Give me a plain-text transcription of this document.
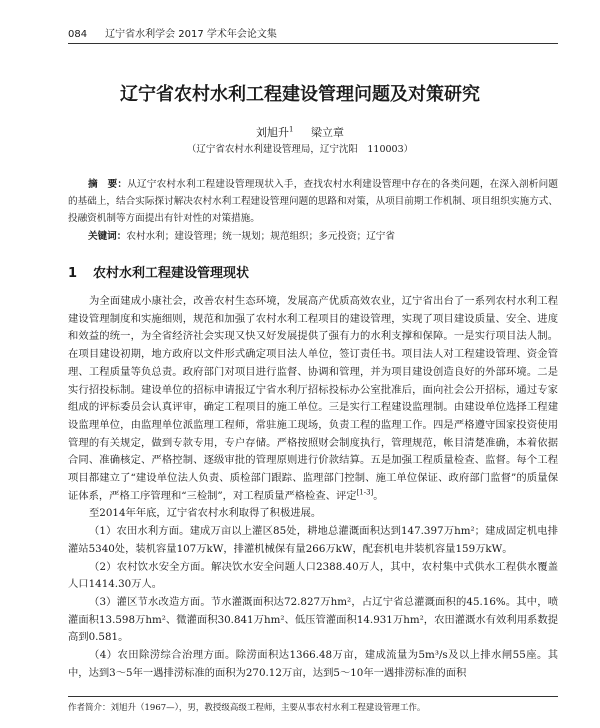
084 辽宁省水利学会 2017 学术年会论文集
辽宁省农村水利工程建设管理问题及对策研究
刘旭升$^1$ 梁立章
（辽宁省农村水利建设管理局，辽宁沈阳　110003）
摘　要：从辽宁农村水利工程建设管理现状入手，查找农村水利建设管理中存在的各类问题，在深入剖析问题的基础上，结合实际探讨解决农村水利工程建设管理问题的思路和对策，从项目前期工作机制、项目组织实施方式、投融资机制等方面提出有针对性的对策措施。
关键词：农村水利；建设管理；统一规划；规范组织；多元投资；辽宁省
1 农村水利工程建设管理现状

为全面建成小康社会，改善农村生态环境，发展高产优质高效农业，辽宁省出台了一系列农村水利工程建设管理制度和实施细则，规范和加强了农村水利工程项目的建设管理，实现了项目建设质量、安全、进度和效益的统一，为全省经济社会实现又快又好发展提供了强有力的水利支撑和保障。一是实行项目法人制。在项目建设初期，地方政府以文件形式确定项目法人单位，签订责任书。项目法人对工程建设管理、资金管理、工程质量等负总责。政府部门对项目进行监督、协调和管理，并为项目建设创造良好的外部环境。二是实行招投标制。建设单位的招标申请报辽宁省水利厅招标投标办公室批准后，面向社会公开招标，通过专家组成的评标委员会认真评审，确定工程项目的施工单位。三是实行工程建设监理制。由建设单位选择工程建设监理单位，由监理单位派监理工程师，常驻施工现场，负责工程的监理工作。四是严格遵守国家投资使用管理的有关规定，做到专款专用，专户存储。严格按照财会制度执行，管理规范，帐目清楚准确，本着依据合同、准确核定、严格控制、逐级审批的管理原则进行价款结算。五是加强工程质量检查、监督。每个工程项目都建立了“建设单位法人负责、质检部门跟踪、监理部门控制、施工单位保证、政府部门监督”的质量保证体系，严格工序管理和“三检制”，对工程质量严格检查、评定[1-3]。

至2014年年底，辽宁省农村水利取得了积极进展。

（1）农田水利方面。建成万亩以上灌区85处，耕地总灌溉面积达到147.397万hm²；建成固定机电排灌站5340处，装机容量107万kW，排灌机械保有量266万kW，配套机电井装机容量159万kW。

（2）农村饮水安全方面。解决饮水安全问题人口2388.40万人，其中，农村集中式供水工程供水覆盖人口1414.30万人。

（3）灌区节水改造方面。节水灌溉面积达72.827万hm²，占辽宁省总灌溉面积的45.16%。其中，喷灌面积13.598万hm²、微灌面积30.841万hm²、低压管灌面积14.931万hm²，农田灌溉水有效利用系数提高到0.581。

（4）农田除涝综合治理方面。除涝面积达1366.48万亩，建成流量为5m³/s及以上排水闸55座。其中，达到3～5年一遇排涝标准的面积为270.12万亩，达到5～10年一遇排涝标准的面积

作者简介：刘旭升（1967—），男，教授级高级工程师，主要从事农村水利工程建设管理工作。
